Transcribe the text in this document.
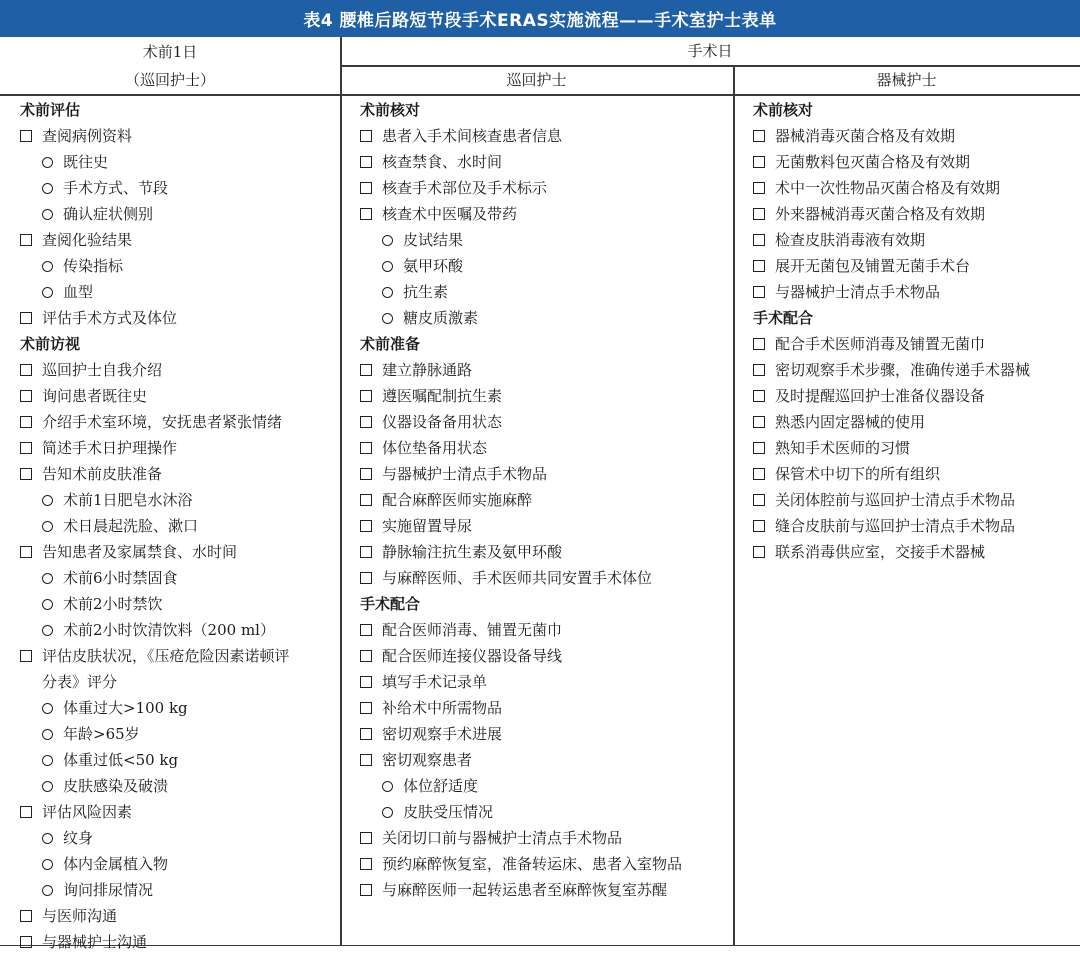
表4 腰椎后路短节段手术ERAS实施流程——手术室护士表单
术前1日
（巡回护士）
手术日
巡回护士	器械护士
术前评估
查阅病例资料
既往史
手术方式、节段
确认症状侧别
查阅化验结果
传染指标
血型
评估手术方式及体位
术前访视
巡回护士自我介绍
询问患者既往史
介绍手术室环境，安抚患者紧张情绪
简述手术日护理操作
告知术前皮肤准备
术前1日肥皂水沐浴
术日晨起洗脸、漱口
告知患者及家属禁食、水时间
术前6小时禁固食
术前2小时禁饮
术前2小时饮清饮料（200 ml）
评估皮肤状况，《压疮危险因素诺顿评
分表》评分
体重过大>100 kg
年龄>65岁
体重过低<50 kg
皮肤感染及破溃
评估风险因素
纹身
体内金属植入物
询问排尿情况
与医师沟通
与器械护士沟通
术前核对
患者入手术间核查患者信息
核查禁食、水时间
核查手术部位及手术标示
核查术中医嘱及带药
皮试结果
氨甲环酸
抗生素
糖皮质激素
术前准备
建立静脉通路
遵医嘱配制抗生素
仪器设备备用状态
体位垫备用状态
与器械护士清点手术物品
配合麻醉医师实施麻醉
实施留置导尿
静脉输注抗生素及氨甲环酸
与麻醉医师、手术医师共同安置手术体位
手术配合
配合医师消毒、铺置无菌巾
配合医师连接仪器设备导线
填写手术记录单
补给术中所需物品
密切观察手术进展
密切观察患者
体位舒适度
皮肤受压情况
关闭切口前与器械护士清点手术物品
预约麻醉恢复室，准备转运床、患者入室物品
与麻醉医师一起转运患者至麻醉恢复室苏醒
术前核对
器械消毒灭菌合格及有效期
无菌敷料包灭菌合格及有效期
术中一次性物品灭菌合格及有效期
外来器械消毒灭菌合格及有效期
检查皮肤消毒液有效期
展开无菌包及铺置无菌手术台
与器械护士清点手术物品
手术配合
配合手术医师消毒及铺置无菌巾
密切观察手术步骤，准确传递手术器械
及时提醒巡回护士准备仪器设备
熟悉内固定器械的使用
熟知手术医师的习惯
保管术中切下的所有组织
关闭体腔前与巡回护士清点手术物品
缝合皮肤前与巡回护士清点手术物品
联系消毒供应室，交接手术器械
